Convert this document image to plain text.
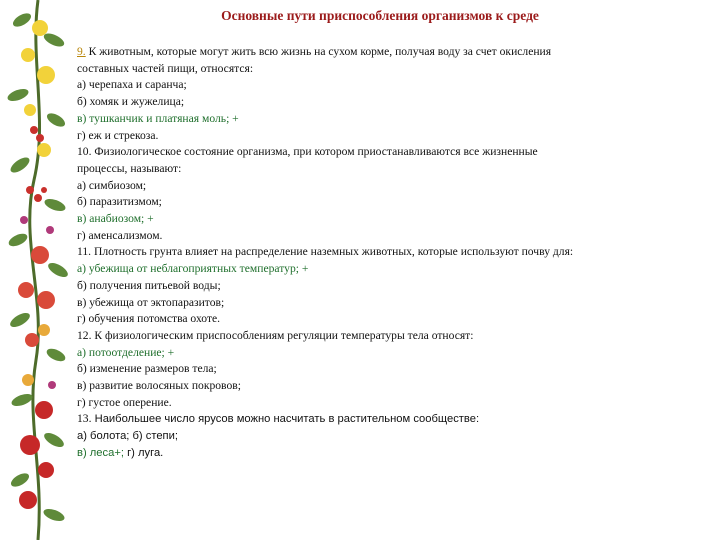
Основные пути приспособления организмов к среде
9. К животным, которые могут жить всю жизнь на сухом корме, получая воду за счет окисления
составных частей пищи, относятся:
а) черепаха и саранча;
б) хомяк и жужелица;
в) тушканчик и платяная моль; +
г) еж и стрекоза.
10. Физиологическое состояние организма, при котором приостанавливаются все жизненные
процессы, называют:
а) симбиозом;
б) паразитизмом;
в) анабиозом; +
г) аменсализмом.
11. Плотность грунта влияет на распределение наземных животных, которые используют почву для:
а) убежища от неблагоприятных температур; +
б) получения питьевой воды;
в) убежища от эктопаразитов;
г) обучения потомства охоте.
12. К физиологическим приспособлениям регуляции температуры тела относят:
а) потоотделение; +
б) изменение размеров тела;
в) развитие волосяных покровов;
г) густое оперение.
13. Наибольшее число ярусов можно насчитать в растительном сообществе:
а) болота; б) степи;
в) леса+; г) луга.
